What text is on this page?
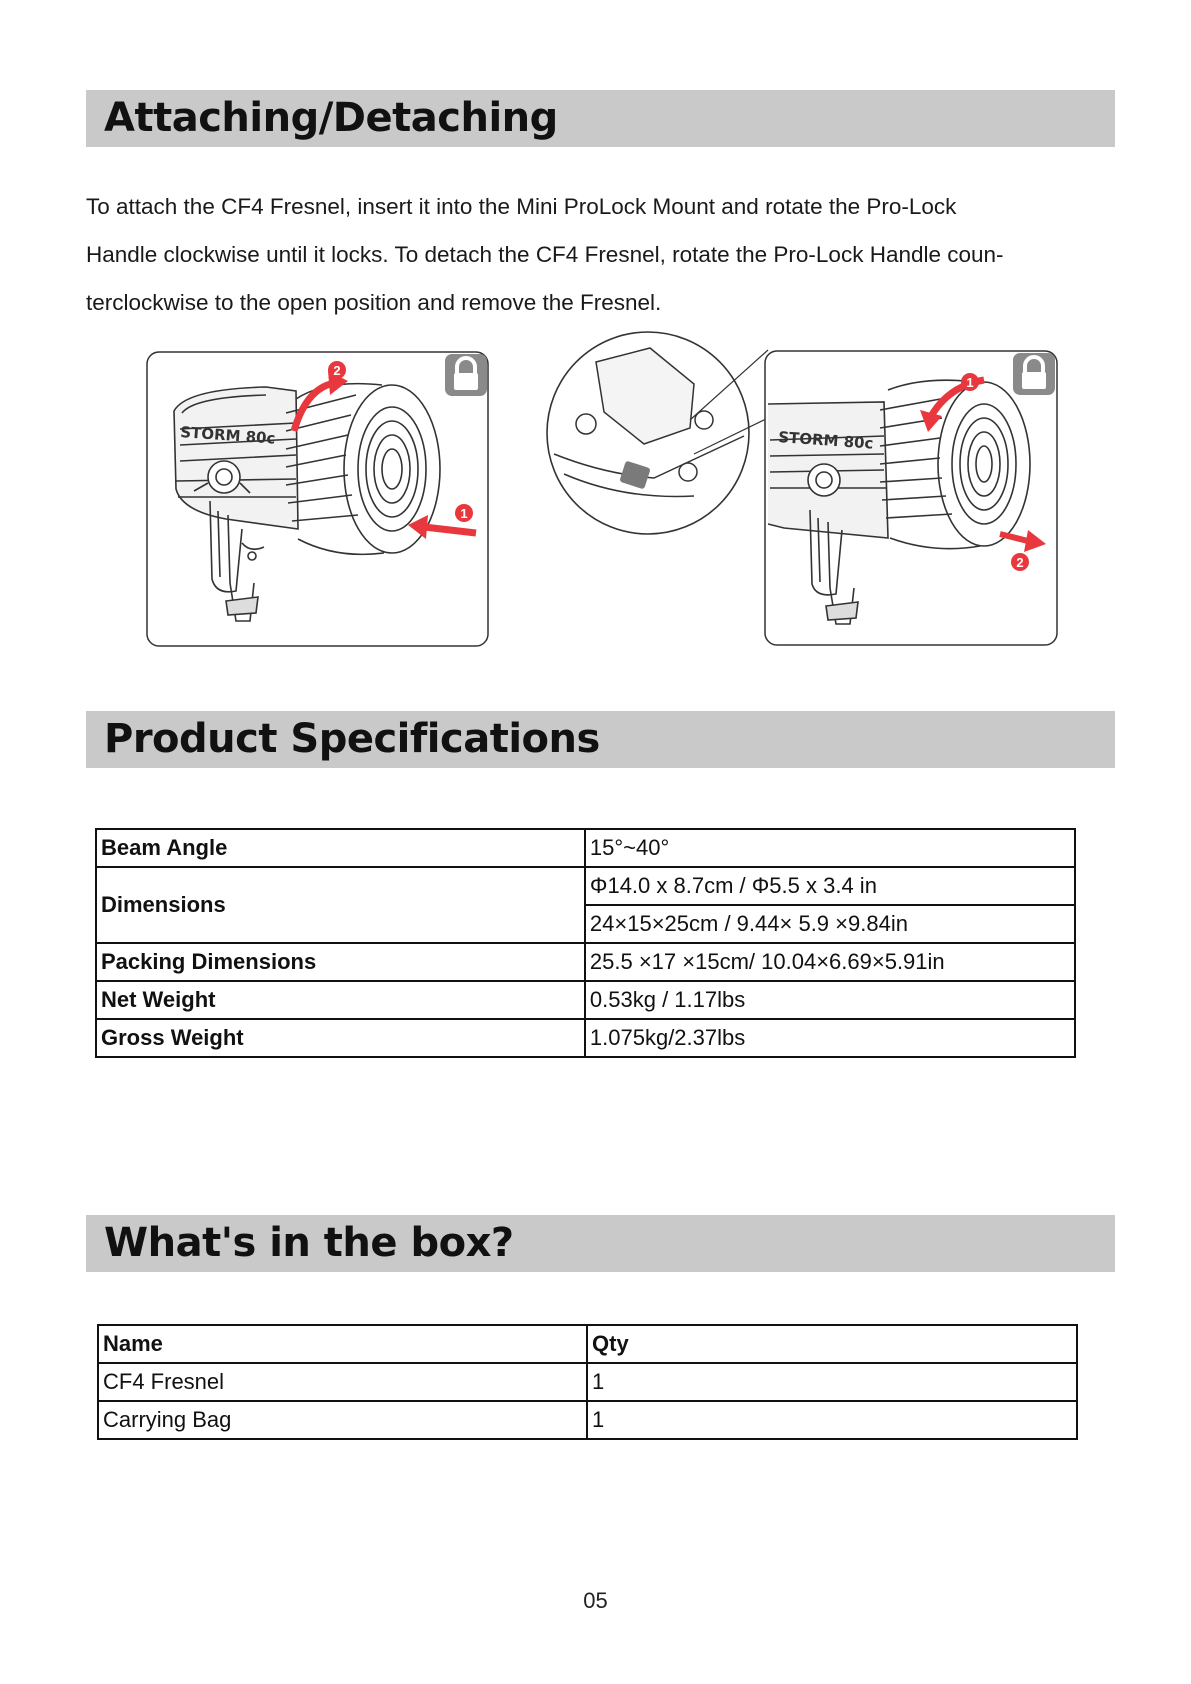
Attaching/Detaching

To attach the CF4 Fresnel, insert it into the Mini ProLock Mount and rotate the Pro-Lock

Handle clockwise until it locks. To detach the CF4 Fresnel, rotate the Pro-Lock Handle coun-

terclockwise to the open position and remove the Fresnel.

STORM 80c
2
1
STORM 80c
1
2
Product Specifications
Beam Angle	15°~40°
Dimensions	Φ14.0 x 8.7cm / Φ5.5 x 3.4 in
	24×15×25cm / 9.44× 5.9 ×9.84in
Packing Dimensions	25.5 ×17 ×15cm/ 10.04×6.69×5.91in
Net Weight	0.53kg / 1.17lbs
Gross Weight	1.075kg/2.37lbs
What's in the box?
Name	Qty
CF4 Fresnel	1
Carrying Bag	1
05
